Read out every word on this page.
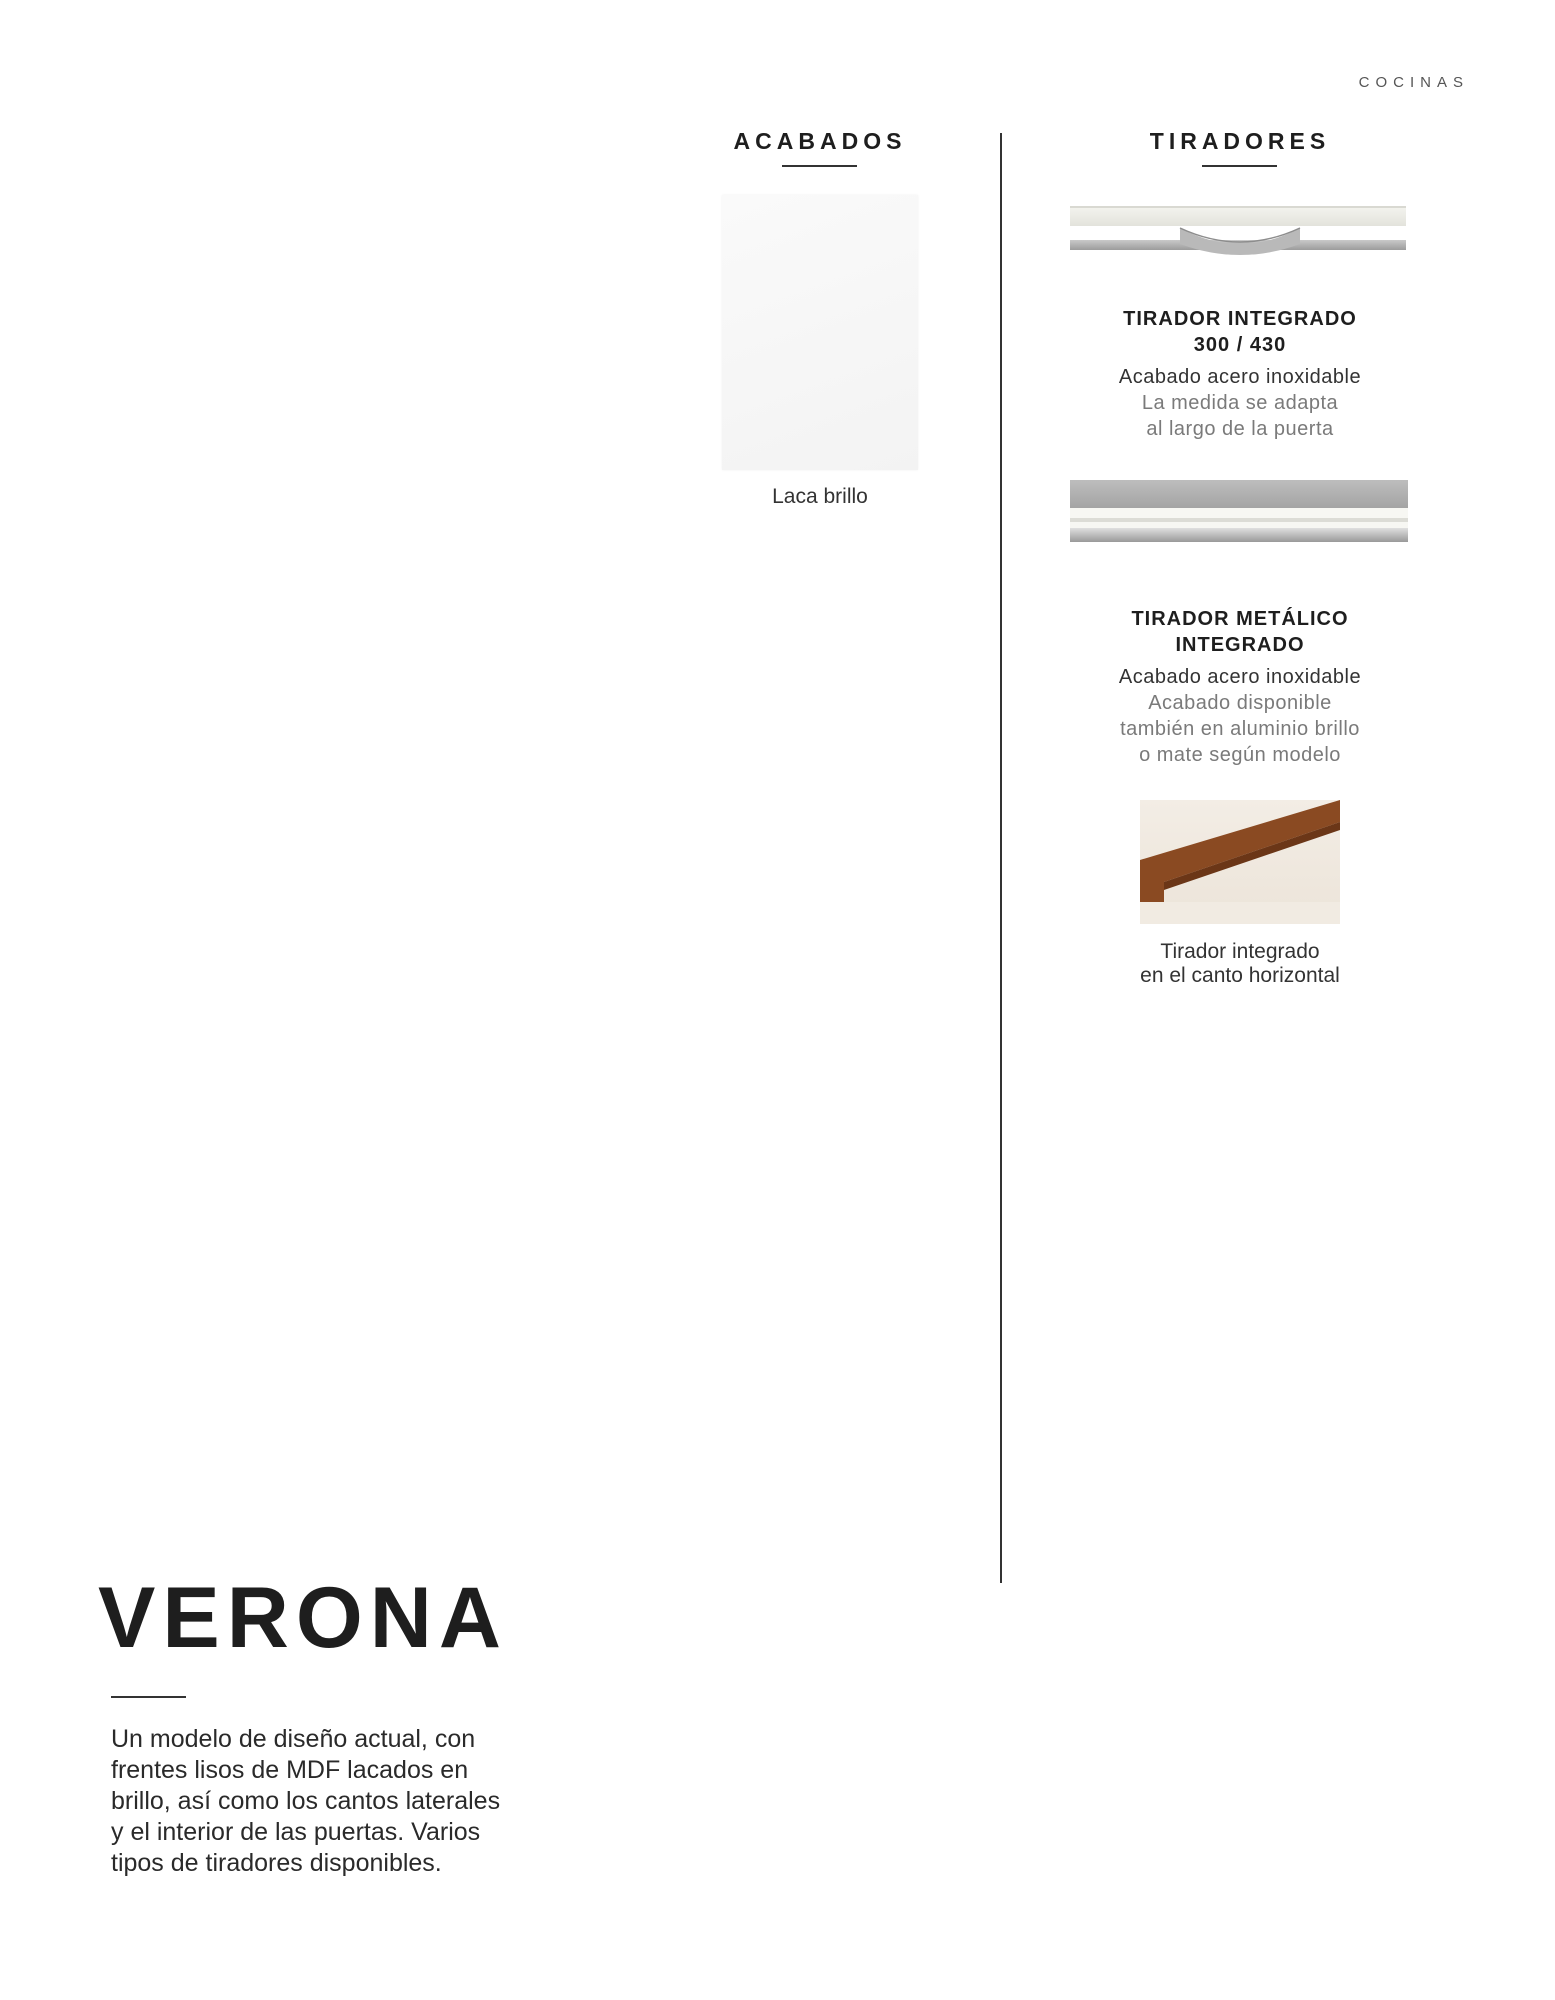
COCINAS
ACABADOS
Laca brillo
TIRADORES
TIRADOR INTEGRADO
300 / 430
Acabado acero inoxidable
La medida se adapta
al largo de la puerta
TIRADOR METÁLICO
INTEGRADO
Acabado acero inoxidable
Acabado disponible
también en aluminio brillo
o mate según modelo
Tirador integrado
en el canto horizontal
VERONA
Un modelo de diseño actual, con
frentes lisos de MDF lacados en
brillo, así como los cantos laterales
y el interior de las puertas. Varios
tipos de tiradores disponibles.
